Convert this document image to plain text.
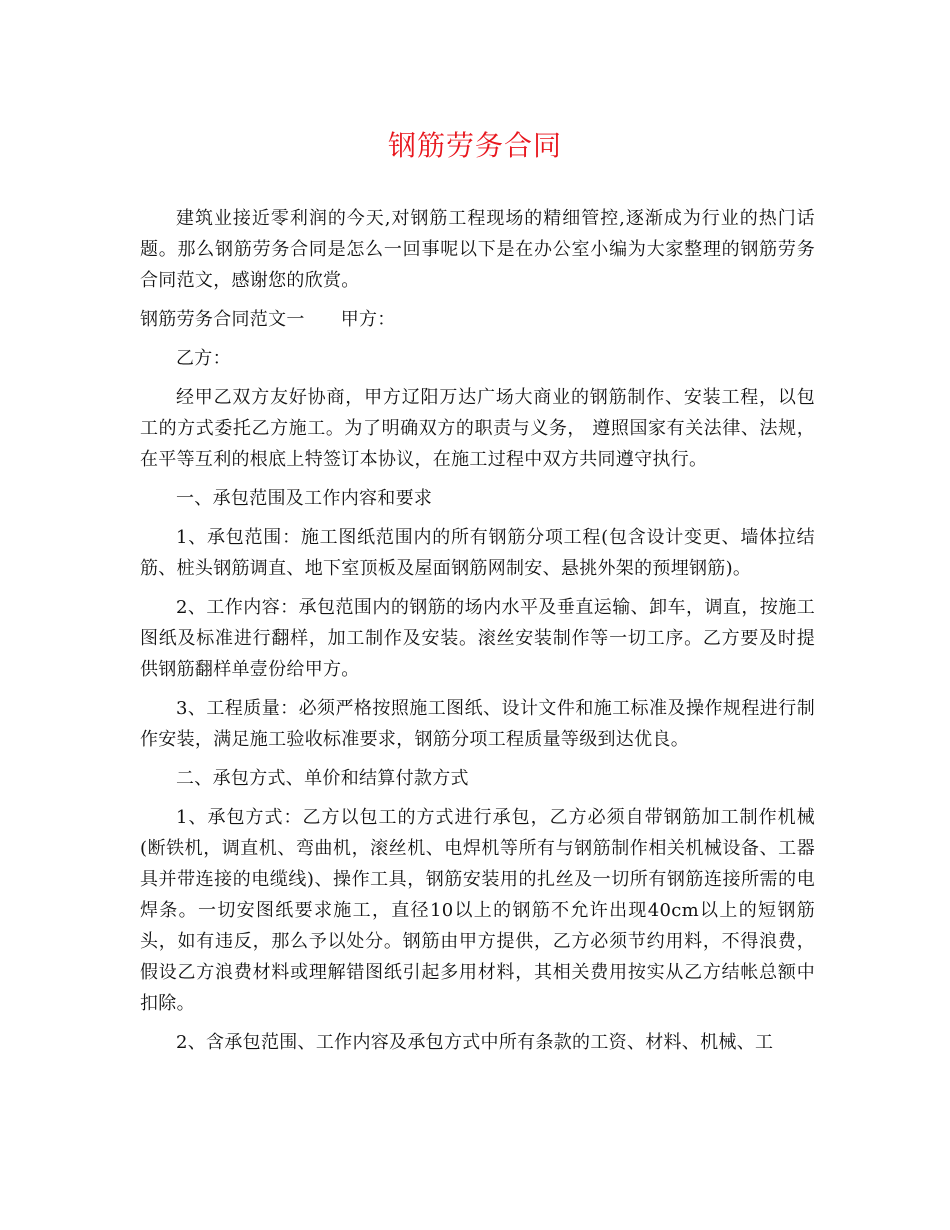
钢筋劳务合同

建筑业接近零利润的今天,对钢筋工程现场的精细管控,逐渐成为行业的热门话题。那么钢筋劳务合同是怎么一回事呢以下是在办公室小编为大家整理的钢筋劳务合同范文，感谢您的欣赏。

钢筋劳务合同范文一 甲方：

乙方：

经甲乙双方友好协商，甲方辽阳万达广场大商业的钢筋制作、安装工程，以包工的方式委托乙方施工。为了明确双方的职责与义务， 遵照国家有关法律、法规，在平等互利的根底上特签订本协议，在施工过程中双方共同遵守执行。

一、承包范围及工作内容和要求

1、承包范围：施工图纸范围内的所有钢筋分项工程(包含设计变更、墙体拉结筋、桩头钢筋调直、地下室顶板及屋面钢筋网制安、悬挑外架的预埋钢筋)。

2、工作内容：承包范围内的钢筋的场内水平及垂直运输、卸车，调直，按施工图纸及标准进行翻样，加工制作及安装。滚丝安装制作等一切工序。乙方要及时提供钢筋翻样单壹份给甲方。

3、工程质量：必须严格按照施工图纸、设计文件和施工标准及操作规程进行制作安装，满足施工验收标准要求，钢筋分项工程质量等级到达优良。

二、承包方式、单价和结算付款方式

1、承包方式：乙方以包工的方式进行承包，乙方必须自带钢筋加工制作机械(断铁机，调直机、弯曲机，滚丝机、电焊机等所有与钢筋制作相关机械设备、工器具并带连接的电缆线)、操作工具，钢筋安装用的扎丝及一切所有钢筋连接所需的电焊条。一切安图纸要求施工，直径10以上的钢筋不允许出现40cm以上的短钢筋头，如有违反，那么予以处分。钢筋由甲方提供，乙方必须节约用料，不得浪费，假设乙方浪费材料或理解错图纸引起多用材料，其相关费用按实从乙方结帐总额中扣除。

2、含承包范围、工作内容及承包方式中所有条款的工资、材料、机械、工
